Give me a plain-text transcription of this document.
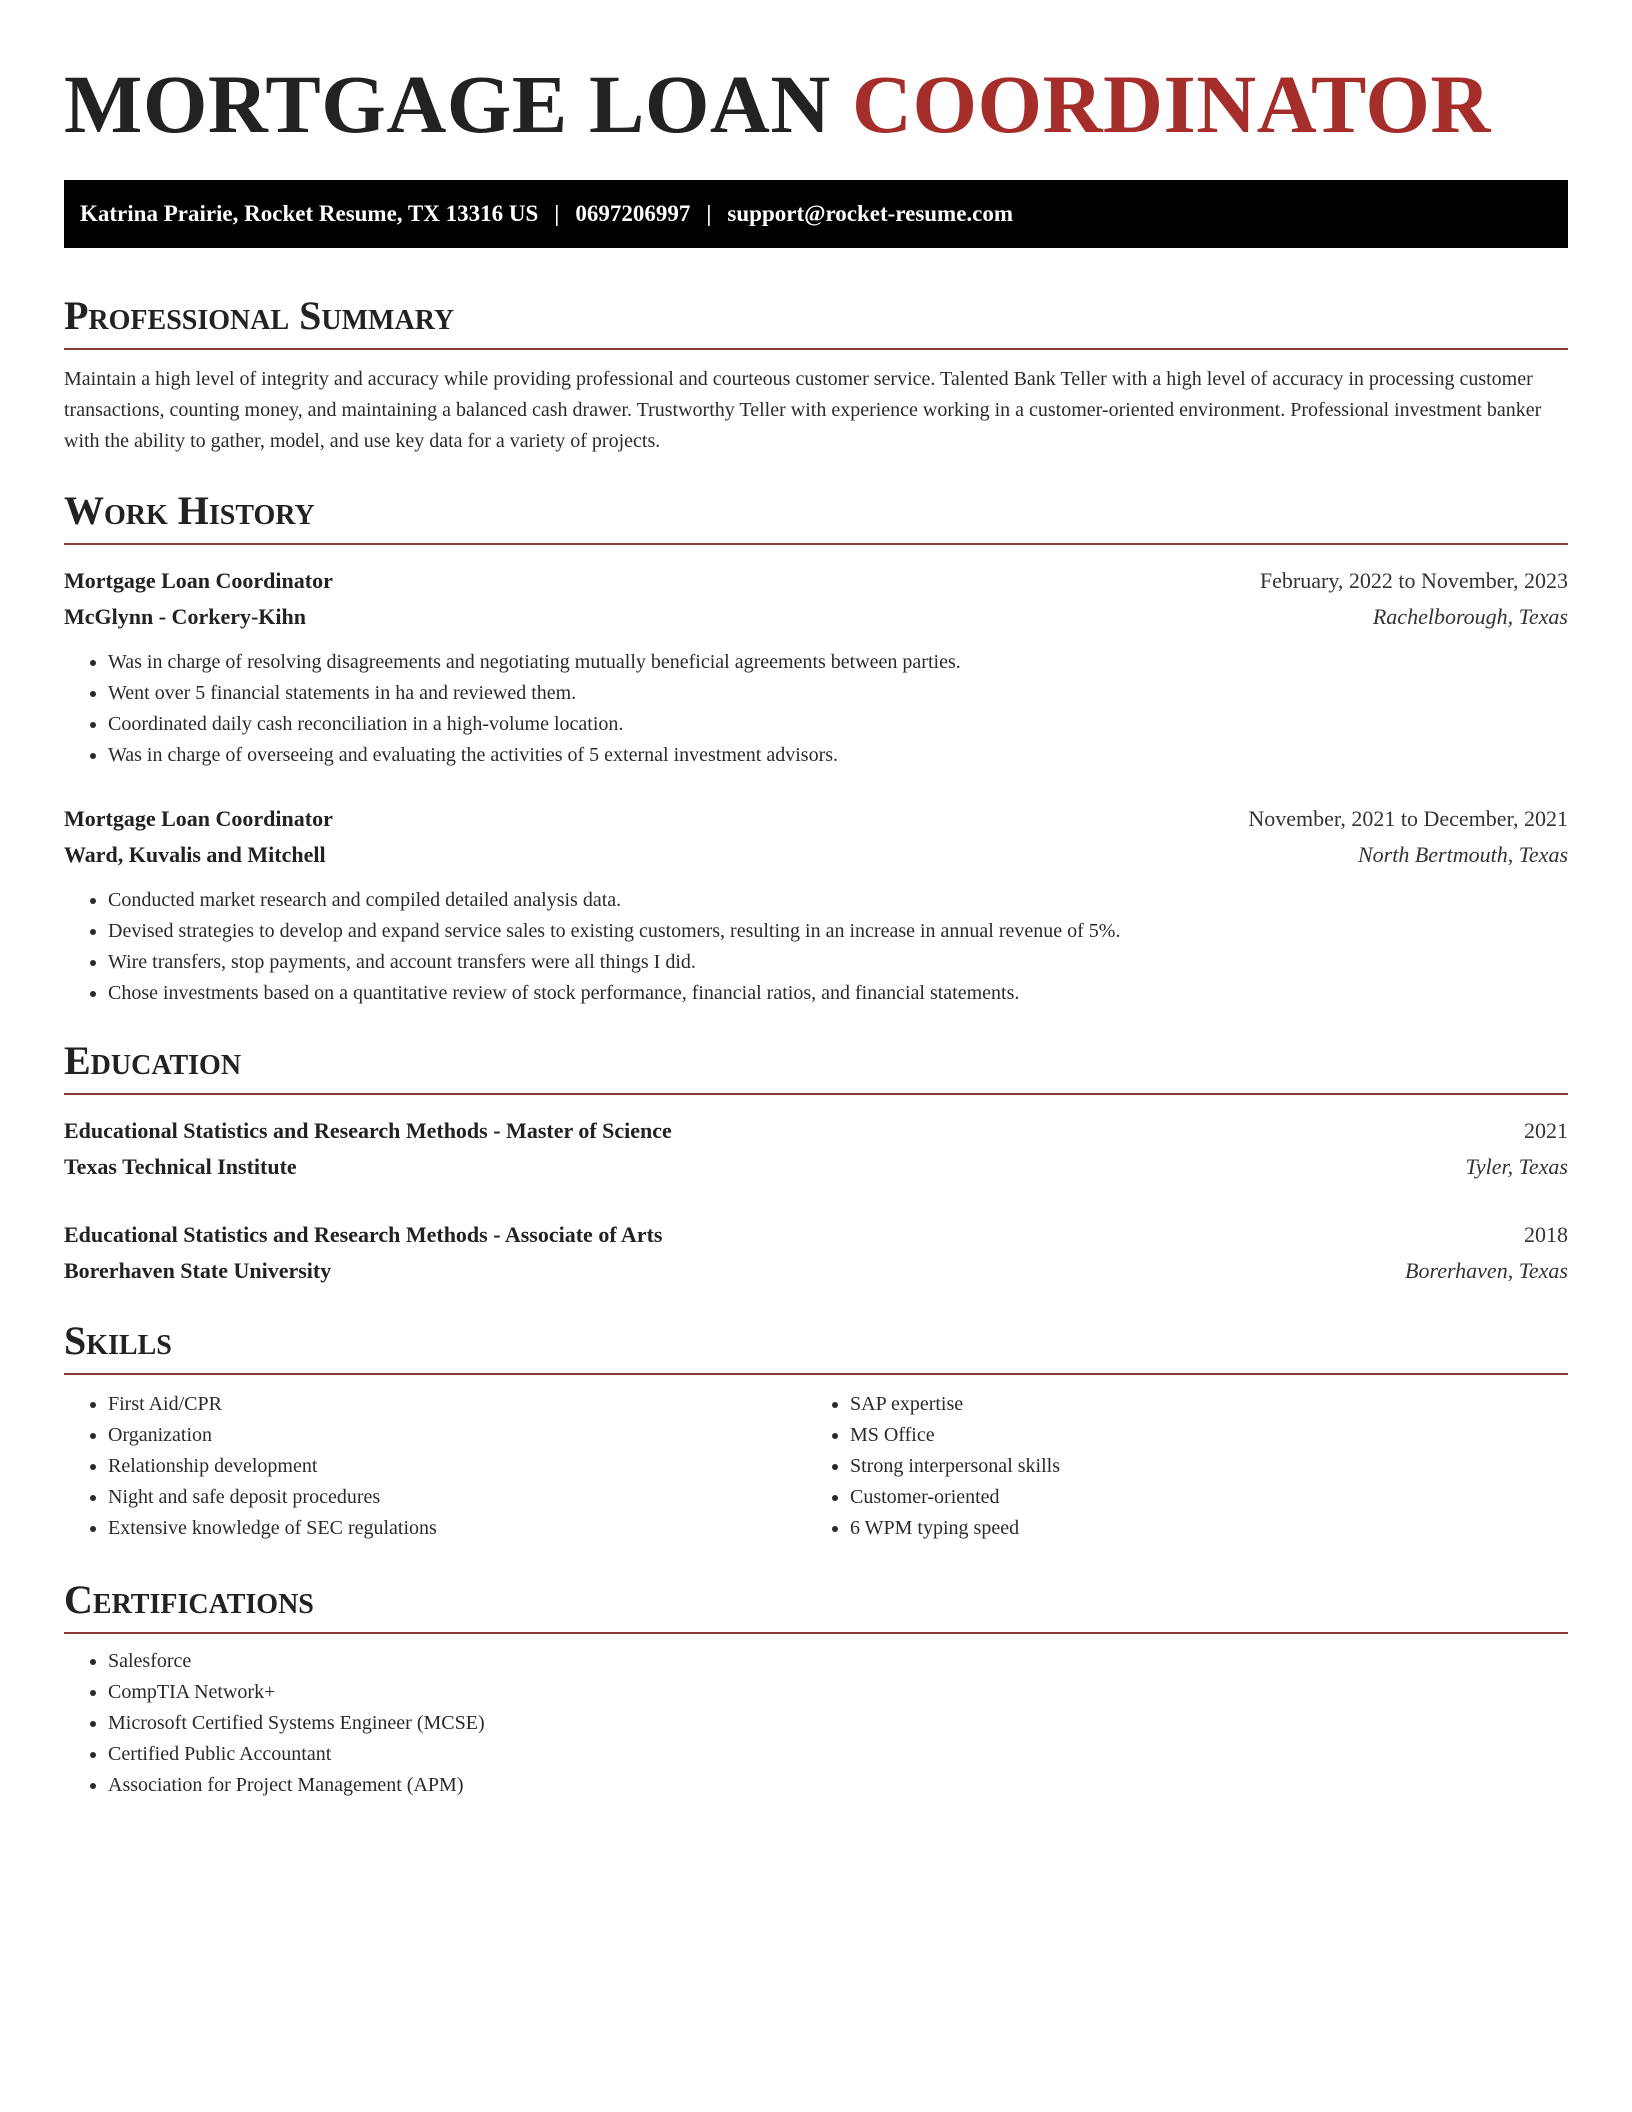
MORTGAGE LOAN COORDINATOR
Katrina Prairie, Rocket Resume, TX 13316 US | 0697206997 | support@rocket-resume.com
Professional Summary

Maintain a high level of integrity and accuracy while providing professional and courteous customer service. Talented Bank Teller with a high level of accuracy in processing customer transactions, counting money, and maintaining a balanced cash drawer. Trustworthy Teller with experience working in a customer-oriented environment. Professional investment banker with the ability to gather, model, and use key data for a variety of projects.

Work History
Mortgage Loan Coordinator	February, 2022 to November, 2023
McGlynn - Corkery-Kihn	Rachelborough, Texas
• Was in charge of resolving disagreements and negotiating mutually beneficial agreements between parties.
• Went over 5 financial statements in ha and reviewed them.
• Coordinated daily cash reconciliation in a high-volume location.
• Was in charge of overseeing and evaluating the activities of 5 external investment advisors.
Mortgage Loan Coordinator	November, 2021 to December, 2021
Ward, Kuvalis and Mitchell	North Bertmouth, Texas
• Conducted market research and compiled detailed analysis data.
• Devised strategies to develop and expand service sales to existing customers, resulting in an increase in annual revenue of 5%.
• Wire transfers, stop payments, and account transfers were all things I did.
• Chose investments based on a quantitative review of stock performance, financial ratios, and financial statements.
Education
Educational Statistics and Research Methods - Master of Science	2021
Texas Technical Institute	Tyler, Texas
Educational Statistics and Research Methods - Associate of Arts	2018
Borerhaven State University	Borerhaven, Texas
Skills
• First Aid/CPR
• Organization
• Relationship development
• Night and safe deposit procedures
• Extensive knowledge of SEC regulations
• SAP expertise
• MS Office
• Strong interpersonal skills
• Customer-oriented
• 6 WPM typing speed
Certifications
• Salesforce
• CompTIA Network+
• Microsoft Certified Systems Engineer (MCSE)
• Certified Public Accountant
• Association for Project Management (APM)
